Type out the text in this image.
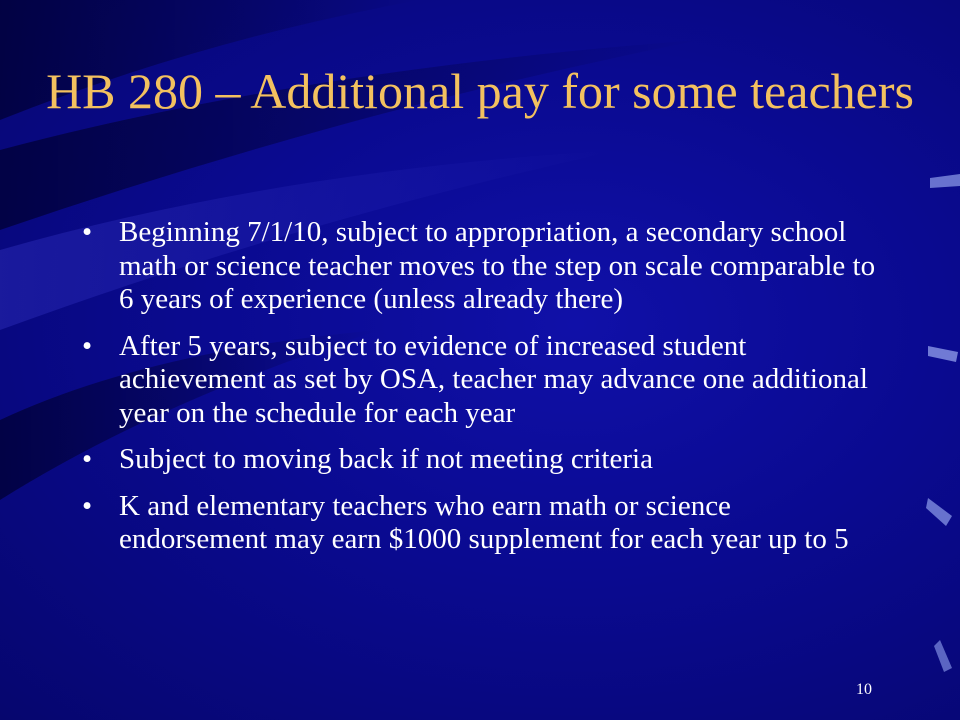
HB 280 – Additional pay for some teachers
• Beginning 7/1/10, subject to appropriation, a secondary school math or science teacher moves to the step on scale comparable to 6 years of experience (unless already there)
• After 5 years, subject to evidence of increased student achievement as set by OSA, teacher may advance one additional year on the schedule for each year
• Subject to moving back if not meeting criteria
• K and elementary teachers who earn math or science endorsement may earn $1000 supplement for each year up to 5
10
